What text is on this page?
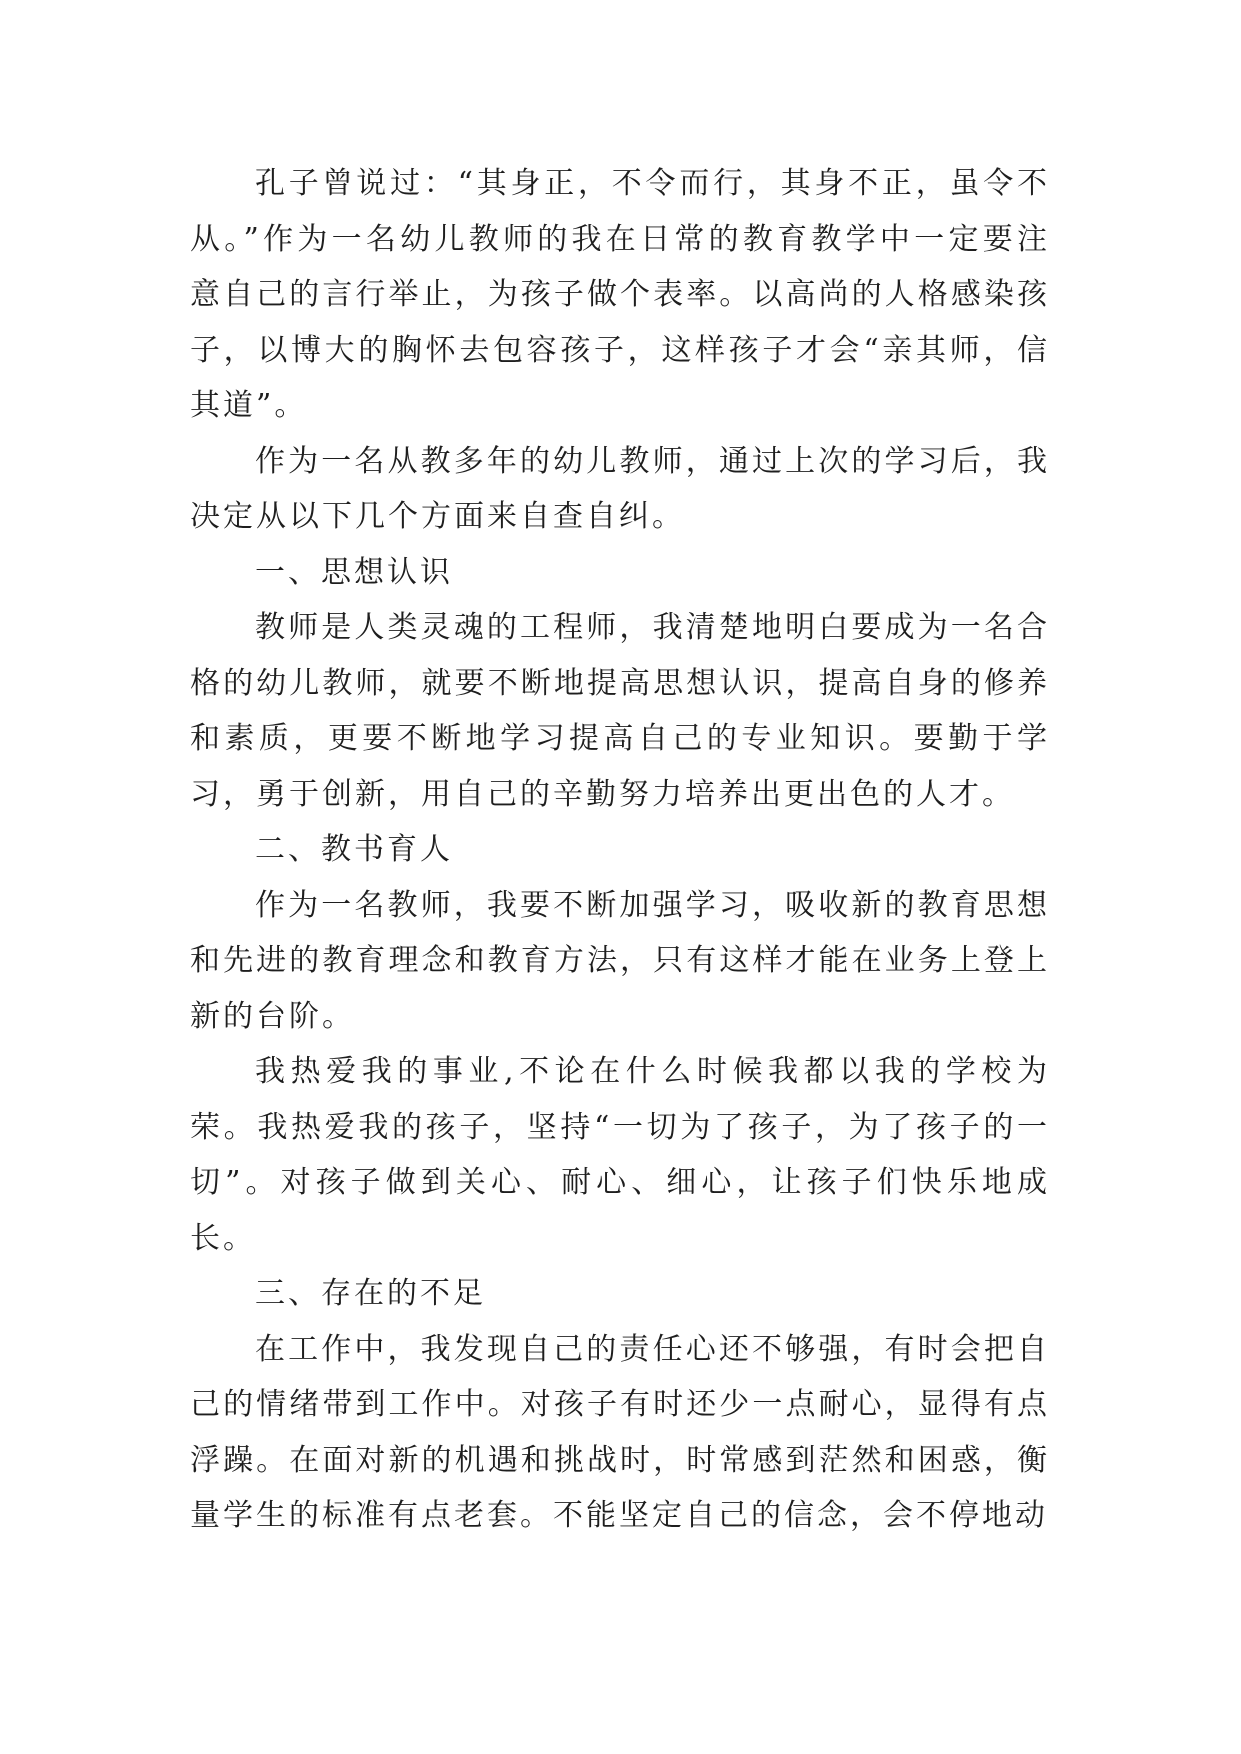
孔子曾说过：“其身正，不令而行，其身不正，虽令不从。”作为一名幼儿教师的我在日常的教育教学中一定要注意自己的言行举止，为孩子做个表率。以高尚的人格感染孩子，以博大的胸怀去包容孩子，这样孩子才会“亲其师，信其道”。

作为一名从教多年的幼儿教师，通过上次的学习后，我决定从以下几个方面来自查自纠。

一、思想认识

教师是人类灵魂的工程师，我清楚地明白要成为一名合格的幼儿教师，就要不断地提高思想认识，提高自身的修养和素质，更要不断地学习提高自己的专业知识。要勤于学习，勇于创新，用自己的辛勤努力培养出更出色的人才。

二、教书育人

作为一名教师，我要不断加强学习，吸收新的教育思想和先进的教育理念和教育方法，只有这样才能在业务上登上新的台阶。

我热爱我的事业,不论在什么时候我都以我的学校为荣。我热爱我的孩子，坚持“一切为了孩子，为了孩子的一切”。对孩子做到关心、耐心、细心，让孩子们快乐地成长。

三、存在的不足

在工作中，我发现自己的责任心还不够强，有时会把自己的情绪带到工作中。对孩子有时还少一点耐心，显得有点浮躁。在面对新的机遇和挑战时，时常感到茫然和困惑，衡量学生的标准有点老套。不能坚定自己的信念，会不停地动
